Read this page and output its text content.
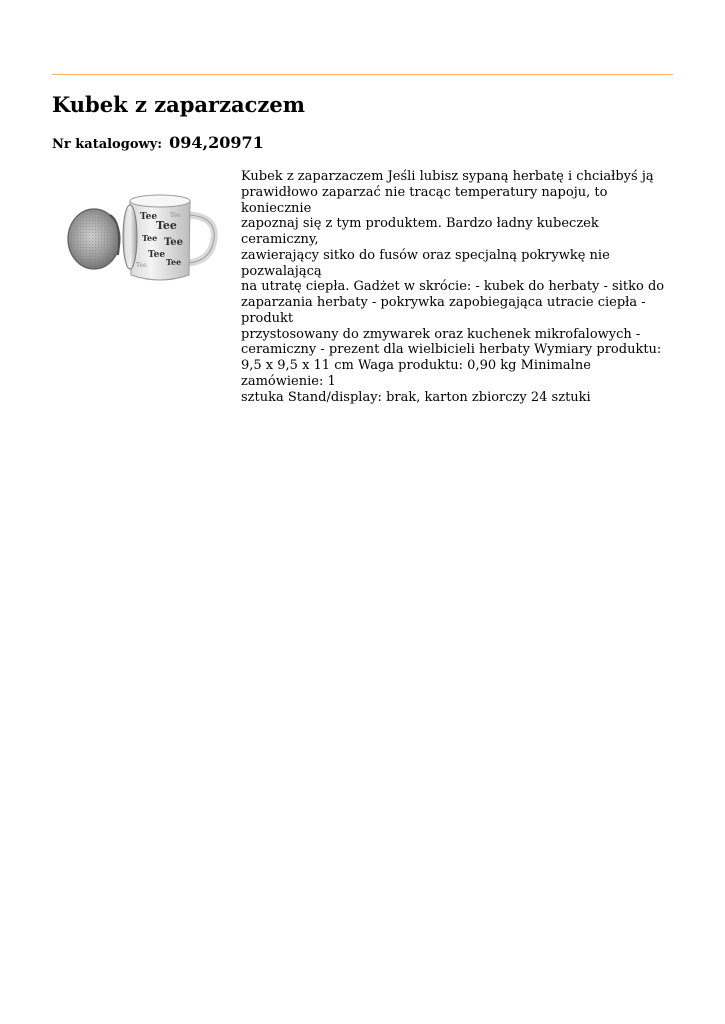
Kubek z zaparzaczem
Nr katalogowy: 094,20971
Tee
Tee
Tee Tee
Tee
Tee
Tee
Tee

Kubek z zaparzaczem Jeśli lubisz sypaną herbatę i chciałbyś ją
prawidłowo zaparzać nie tracąc temperatury napoju, to koniecznie
zapoznaj się z tym produktem. Bardzo ładny kubeczek ceramiczny,
zawierający sitko do fusów oraz specjalną pokrywkę nie pozwalającą
na utratę ciepła. Gadżet w skrócie: - kubek do herbaty - sitko do
zaparzania herbaty - pokrywka zapobiegająca utracie ciepła - produkt
przystosowany do zmywarek oraz kuchenek mikrofalowych -
ceramiczny - prezent dla wielbicieli herbaty Wymiary produktu:
9,5 x 9,5 x 11 cm Waga produktu: 0,90 kg Minimalne zamówienie: 1
sztuka Stand/display: brak, karton zbiorczy 24 sztuki
